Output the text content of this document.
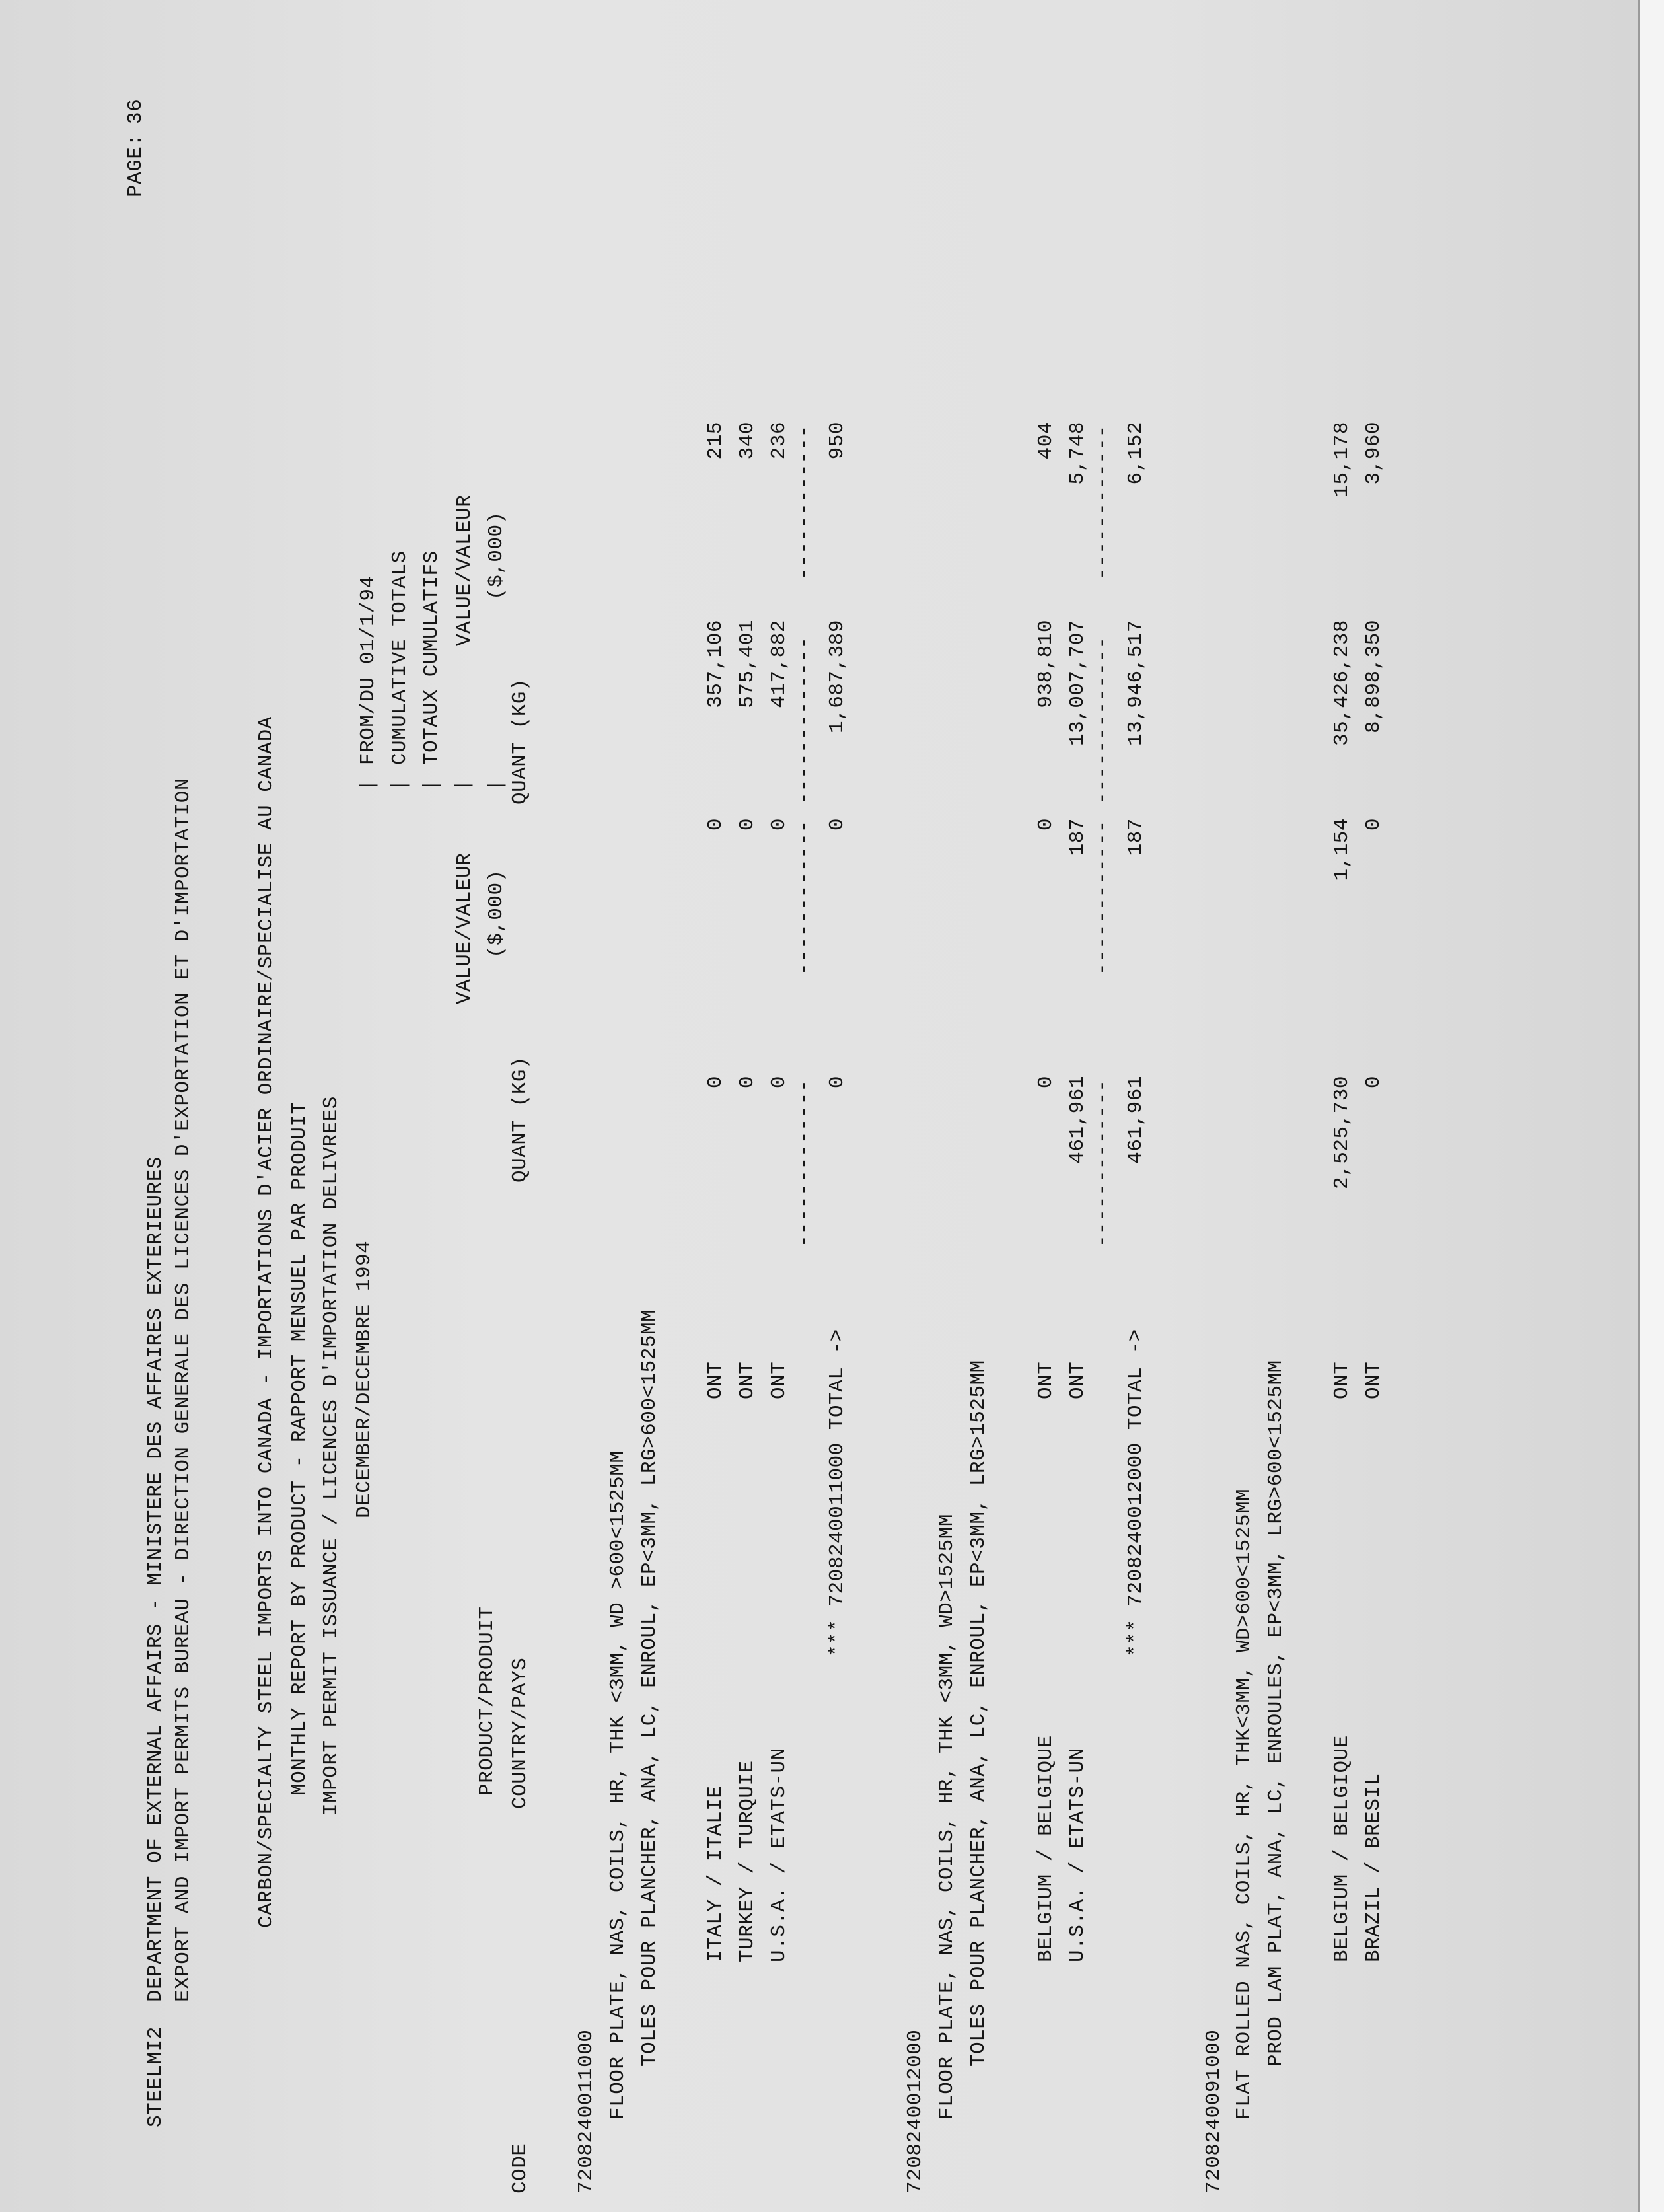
STEELMI2
DEPARTMENT OF EXTERNAL AFFAIRS - MINISTERE DES AFFAIRES EXTERIEURES EXPORT AND IMPORT PERMITS BUREAU - DIRECTION GENERALE DES LICENCES D'EXPORTATION ET D'IMPORTATION
PAGE:
36
CARBON/SPECIALTY STEEL IMPORTS INTO CANADA - IMPORTATIONS D'ACIER ORDINAIRE/SPECIALISE AU CANADA MONTHLY REPORT BY PRODUCT - RAPPORT MENSUEL PAR PRODUIT IMPORT PERMIT ISSUANCE / LICENCES D'IMPORTATION DELIVREES DECEMBER/DECEMBRE 1994
FROM/DU 01/1/94 CUMULATIVE TOTALS TOTAUX CUMULATIFS
| | | | |
VALUE/VALEUR ($,000)
VALUE/VALEUR ($,000)
PRODUCT/PRODUIT
CODE
COUNTRY/PAYS
QUANT (KG)
QUANT (KG)
7208240011000 FLOOR PLATE, NAS, COILS, HR, THK <3MM, WD >600<1525MM TOLES POUR PLANCHER, ANA, LC, ENROUL, EP<3MM, LRG>600<1525MM ITALY / ITALIE
ONT
0
0
357,106
215
TURKEY / TURQUIE
ONT
0
0
575,401
340
U.S.A. / ETATS-UN
ONT
0
0
417,882
236
-------------
------------
-------------
------------
*** 7208240011000 TOTAL ->
0
0
1,687,389
950
7208240012000 FLOOR PLATE, NAS, COILS, HR, THK <3MM, WD>1525MM TOLES POUR PLANCHER, ANA, LC, ENROUL, EP<3MM, LRG>1525MM BELGIUM / BELGIQUE
ONT
0
0
938,810
404
U.S.A. / ETATS-UN
ONT
461,961
187
13,007,707
5,748
-------------
------------
-------------
------------
*** 7208240012000 TOTAL ->
461,961
187
13,946,517
6,152
7208240091000 FLAT ROLLED NAS, COILS, HR, THK<3MM, WD>600<1525MM PROD LAM PLAT, ANA, LC, ENROULES, EP<3MM, LRG>600<1525MM BELGIUM / BELGIQUE
ONT
2,525,730
1,154
35,426,238
15,178
BRAZIL / BRESIL
ONT
0
0
8,898,350
3,960
